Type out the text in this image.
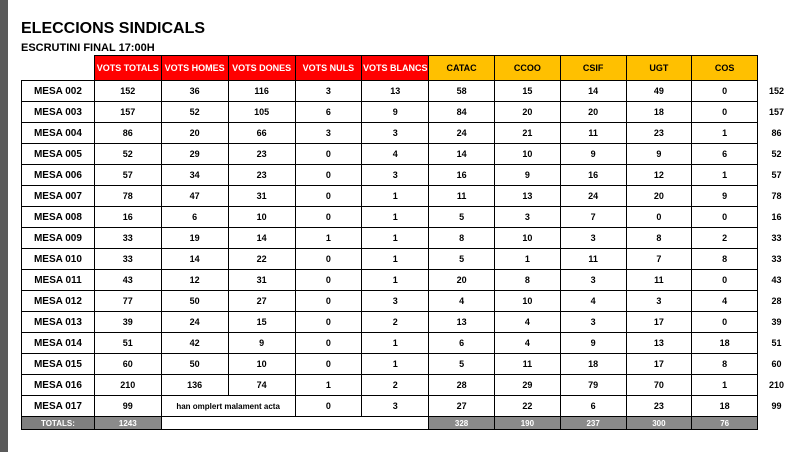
ELECCIONS SINDICALS
ESCRUTINI FINAL 17:00H
	VOTS TOTALS	VOTS HOMES	VOTS DONES	VOTS NULS	VOTS BLANCS	CATAC	CCOO	CSIF	UGT	COS	
MESA 002	152	36	116	3	13	58	15	14	49	0	152
MESA 003	157	52	105	6	9	84	20	20	18	0	157
MESA 004	86	20	66	3	3	24	21	11	23	1	86
MESA 005	52	29	23	0	4	14	10	9	9	6	52
MESA 006	57	34	23	0	3	16	9	16	12	1	57
MESA 007	78	47	31	0	1	11	13	24	20	9	78
MESA 008	16	6	10	0	1	5	3	7	0	0	16
MESA 009	33	19	14	1	1	8	10	3	8	2	33
MESA 010	33	14	22	0	1	5	1	11	7	8	33
MESA 011	43	12	31	0	1	20	8	3	11	0	43
MESA 012	77	50	27	0	3	4	10	4	3	4	28
MESA 013	39	24	15	0	2	13	4	3	17	0	39
MESA 014	51	42	9	0	1	6	4	9	13	18	51
MESA 015	60	50	10	0	1	5	11	18	17	8	60
MESA 016	210	136	74	1	2	28	29	79	70	1	210
MESA 017	99	han omplert malament acta		0	3	27	22	6	23	18	99
TOTALS:	1243					328	190	237	300	76	
